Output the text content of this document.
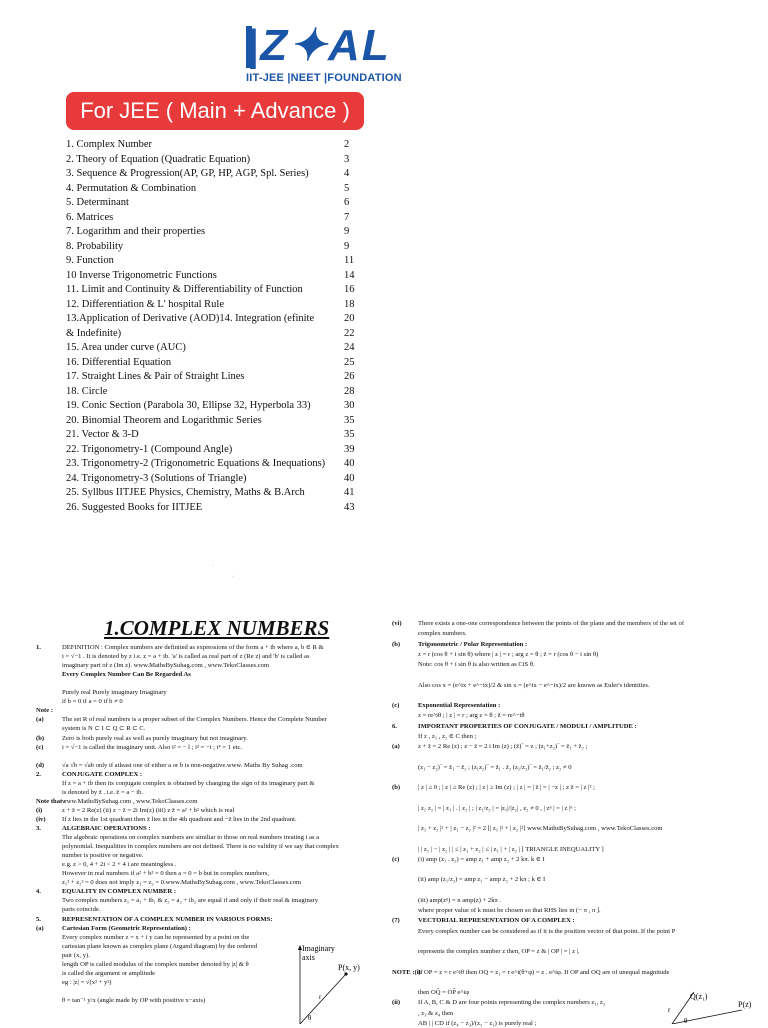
|Z✦AL
IIT-JEE |NEET |FOUNDATION
For JEE ( Main + Advance )
1. Complex Number	2
2. Theory of Equation (Quadratic Equation)	3
3. Sequence & Progression(AP, GP, HP, AGP, Spl. Series)	4
4. Permutation & Combination	5
5. Determinant	6
6. Matrices	7
7. Logarithm and their properties	9
8. Probability	9
9. Function	11
10 Inverse Trigonometric Functions	14
11. Limit and Continuity & Differentiability of Function	16
12. Differentiation & L' hospital Rule	18
13.Application of Derivative (AOD)14. Integration (efinite	20
& Indefinite)	22
15. Area under curve (AUC)	24
16. Differential Equation	25
17. Straight Lines & Pair of Straight Lines	26
18. Circle	28
19. Conic Section (Parabola 30, Ellipse 32, Hyperbola 33)	30
20. Binomial Theorem and Logarithmic Series	35
21. Vector & 3-D	35
22. Trigonometry-1 (Compound Angle)	39
23. Trigonometry-2 (Trigonometric Equations & Inequations) 40
24. Trigonometry-3 (Solutions of Triangle)	40
25. Syllbus IITJEE Physics, Chemistry, Maths & B.Arch	41
26. Suggested Books for IITJEE	43
·
·
1.COMPLEX NUMBERS
1.	DEFINITION : Complex numbers are definited as expressions of the form a + ib where a, b ∈ R &
i = √−1 . It is denoted by z i.e. z = a + ib. 'a' is called as real part of z (Re z) and 'b' is called as
imaginary part of z (Im z). www.MathsBySuhag.com , www.TekoClasses.com
Every Complex Number Can Be Regarded As
Purely real Purely imaginary Imaginary
if b = 0 if a = 0 if b ≠ 0
Note :
(a)	The set R of real numbers is a proper subset of the Complex Numbers. Hence the Complete Number
system is N ⊂ I ⊂ Q ⊂ R ⊂ C.
(b)	Zero is both purely real as well as purely imaginary but not imaginary.
(c)	i = √−1 is called the imaginary unit. Also i² = − l ; i³ = −i ; i⁴ = 1 etc.
(d)	√a √b = √ab only if atleast one of either a or b is non-negative.www. Maths By Suhag .com
2.	CONJUGATE COMPLEX :
If z = a + ib then its conjugate complex is obtained by changing the sign of its imaginary part &
is denoted by z̄ . i.e. z̄ = a − ib.
Note that :
www.MathsBySuhag.com , www.TekoClasses.com
(i)	z + z̄ = 2 Re(z) (ii) z − z̄ = 2i Im(z) (iii) z z̄ = a² + b² which is real
(iv) If z lies in the 1st quadrant then z̄ lies in the 4th quadrant and −z̄ lies in the 2nd quadrant.
3.	ALGEBRAIC OPERATIONS :
The algebraic operations on complex numbers are similiar to those on real numbers treating i as a
polynomial. Inequalities in complex numbers are not defined. There is no validity if we say that complex
number is positive or negative.
e.g. z > 0, 4 + 2i < 2 + 4 i are meaningless .
However in real numbers if a² + b² = 0 then a = 0 = b but in complex numbers,
z₁² + z₂² = 0 does not imply z₁ = z₂ = 0.www.MathsBySuhag.com , www.TekoClasses.com
4.	EQUALITY IN COMPLEX NUMBER :
Two complex numbers z₁ = a₁ + ib₁ & z₂ = a₂ + ib₂ are equal if and only if their real & imaginary
parts coincide.
5.	REPRESENTATION OF A COMPLEX NUMBER IN VARIOUS FORMS:
(a)	Cartesian Form (Geometric Representation) :
Every complex number z = x + i y can be represented by a point on the
cartesian plane known as complex plane (Argand diagram) by the ordered
pair (x, y).
length OP is called modulus of the complex number denoted by |z| & θ
is called the argument or amplitude
eg : |z| = √(x² + y²)
θ = tan⁻¹ y/x (angle made by OP with positive x−axis)
(vi) There exists a one-one correspondence between the points of the plane and the members of the set of
complex numbers.
(b)	Trigonometric / Polar Representation :
z = r (cos θ + i sin θ) where | z | = r ; arg z = θ ; z̄ = r (cos θ − i sin θ)
Note: cos θ + i sin θ is also written as CiS θ.
Also cos x = (e^ix + e^−ix)/2 & sin x = (e^ix − e^−ix)/2 are known as Euler's identities.
(c)	Exponential Representation :
z = re^iθ ; | z | = r ; arg z = θ ; z̄ = re^−iθ
6.	IMPORTANT PROPERTIES OF CONJUGATE / MODULI / AMPLITUDE :
If z , z₁ , z₂ ∈ C then ;
(a)	z + z̄ = 2 Re (z) ; z − z̄ = 2 i Im (z) ; (z̄)‾ = z ; (z₁+z₂)‾ = z̄₁ + z̄₂ ;
(z₁ − z₂)‾ = z̄₁ − z̄₂ ; (z₁z₂)‾ = z̄₁ . z̄₂ (z₁/z₂)‾ = z̄₁/z̄₂ ; z₂ ≠ 0
(b)	| z | ≥ 0 ; | z | ≥ Re (z) ; | z | ≥ Im (z) ; | z | = | z̄ | = | −z | ; z z̄ = | z |² ;
| z₁ z₂ | = | z₁ | . | z₂ | ; | z₁/z₂ | = |z₁|/|z₂| , z₂ ≠ 0 , | zⁿ | = | z |ⁿ ;
| z₁ + z₂ |² + | z₁ − z₂ |² = 2 [| z₁ |² + | z₂ |²] www.MathsBySuhag.com , www.TekoClasses.com
| | z₁ | − | z₂ | | ≤ | z₁ + z₂ | ≤ | z₁ | + | z₂ | [ TRIANGLE INEQUALITY ]
(c)	(i) amp (z₁ . z₂) = amp z₁ + amp z₂ + 2 kπ. k ∈ I
(ii) amp (z₁/z₂) = amp z₁ − amp z₂ + 2 kπ ; k ∈ I
(iii) amp(zⁿ) = n amp(z) + 2kπ .
where proper value of k must be chosen so that RHS lies in (− π , π ].
(7)	VECTORIAL REPRESENTATION OF A COMPLEX :
Every complex number can be considered as if it is the position vector of that point. If the point P
represents the complex number z then, OP = z & | OP | = | z |.
NOTE :(i)
If OP = z = r e^iθ then OQ = z₁ = r e^i(θ+φ) = z . e^iφ. If OP and OQ are of unequal magnitude
then OQ̂ = OP̂ e^iφ
(ii)	If A, B, C & D are four points representing the complex numbers z₁, z₂
, z₃ & z₄ then
AB | | CD if (z₄ − z₃)/(z₂ − z₁) is purely real ;
Imaginary
axis
P(x, y)
r
θ
Q(z₁)
P(z)
r
θ
